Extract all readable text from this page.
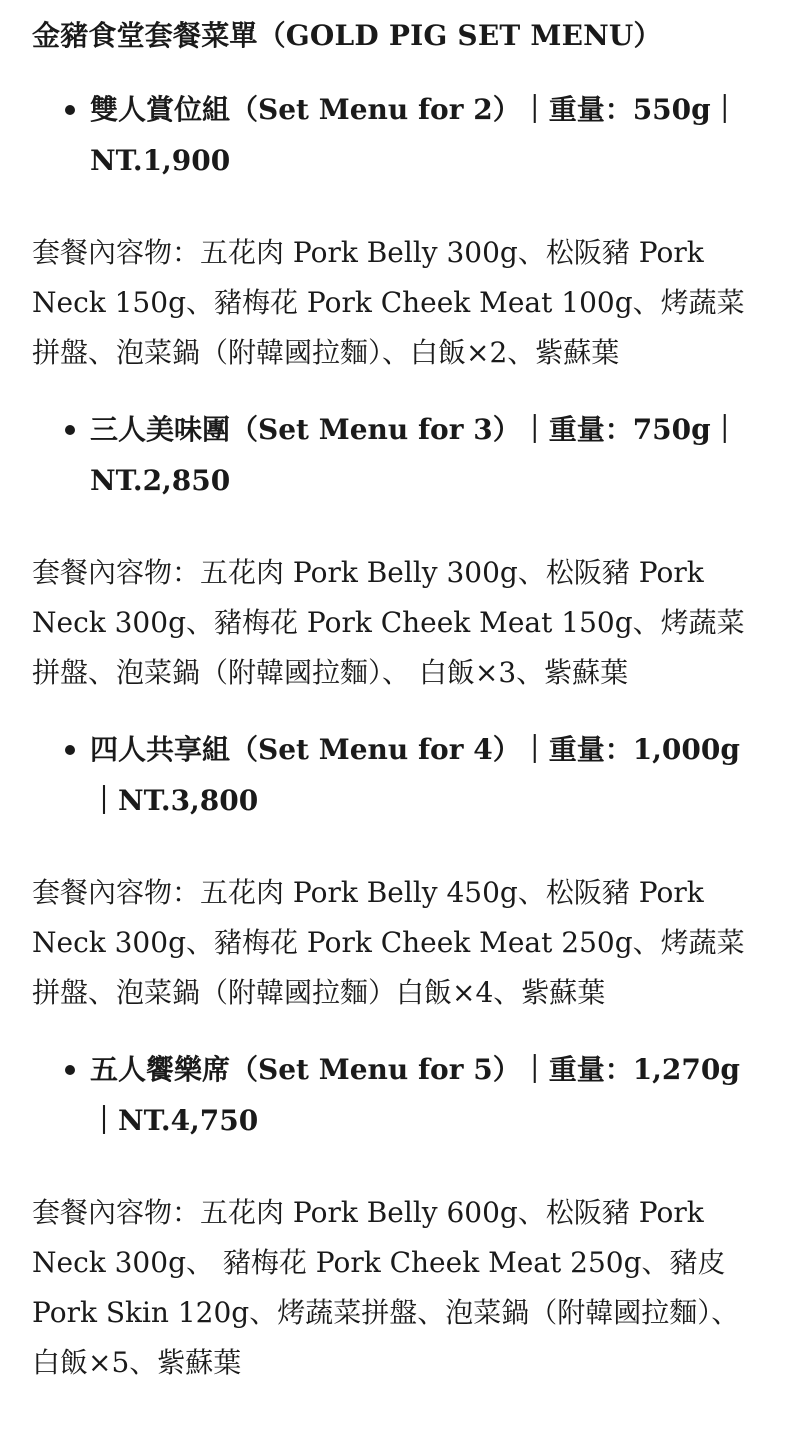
金豬食堂套餐菜單（GOLD PIG SET MENU）
雙人賞位組（Set Menu for 2）｜重量：550g｜NT.1,900

套餐內容物：五花肉 Pork Belly 300g、松阪豬 Pork Neck 150g、豬梅花 Pork Cheek Meat 100g、烤蔬菜拼盤、泡菜鍋（附韓國拉麵）、白飯×2、紫蘇葉

三人美味團（Set Menu for 3）｜重量：750g｜NT.2,850

套餐內容物：五花肉 Pork Belly 300g、松阪豬 Pork Neck 300g、豬梅花 Pork Cheek Meat 150g、烤蔬菜拼盤、泡菜鍋（附韓國拉麵）、 白飯×3、紫蘇葉

四人共享組（Set Menu for 4）｜重量：1,000g｜NT.3,800

套餐內容物：五花肉 Pork Belly 450g、松阪豬 Pork Neck 300g、豬梅花 Pork Cheek Meat 250g、烤蔬菜拼盤、泡菜鍋（附韓國拉麵）白飯×4、紫蘇葉

五人饗樂席（Set Menu for 5）｜重量：1,270g｜NT.4,750

套餐內容物：五花肉 Pork Belly 600g、松阪豬 Pork Neck 300g、 豬梅花 Pork Cheek Meat 250g、豬皮 Pork Skin 120g、烤蔬菜拼盤、泡菜鍋（附韓國拉麵）、 白飯×5、紫蘇葉
